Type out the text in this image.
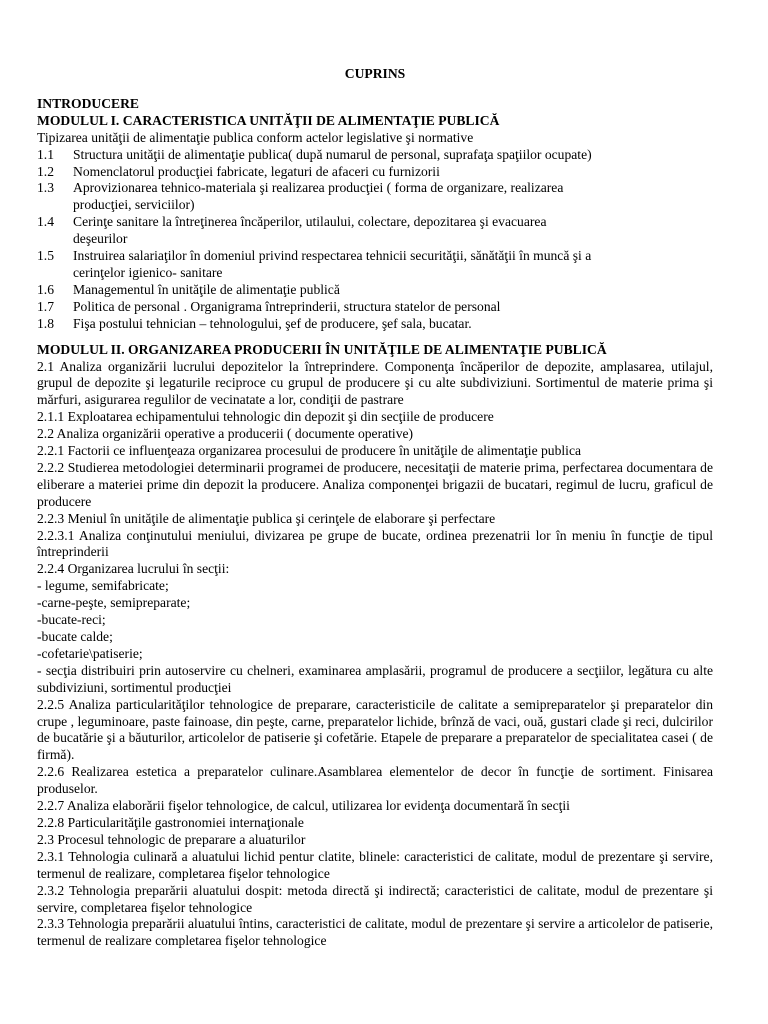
CUPRINS
INTRODUCERE
MODULUL I. CARACTERISTICA UNITĂŢII DE ALIMENTAŢIE PUBLICĂ
Tipizarea unităţii de alimentaţie publica conform actelor legislative şi normative
1.1 Structura unităţii de alimentaţie publica( după numarul de personal, suprafaţa spaţiilor ocupate)
1.2 Nomenclatorul producţiei fabricate, legaturi de afaceri cu furnizorii
1.3 Aprovizionarea tehnico-materiala şi realizarea producţiei ( forma de organizare, realizarea
producţiei, serviciilor)
1.4 Cerinţe sanitare la întreţinerea încăperilor, utilaului, colectare, depozitarea şi evacuarea
deşeurilor
1.5 Instruirea salariaţilor în domeniul privind respectarea tehnicii securităţii, sănătăţii în muncă şi a
cerinţelor igienico- sanitare
1.6 Managementul în unităţile de alimentaţie publică
1.7 Politica de personal . Organigrama întreprinderii, structura statelor de personal
1.8 Fişa postului tehnician – tehnologului, şef de producere, şef sala, bucatar.
MODULUL II. ORGANIZAREA PRODUCERII ÎN UNITĂŢILE DE ALIMENTAŢIE PUBLICĂ
2.1 Analiza organizării lucrului depozitelor la întreprindere. Componenţa încăperilor de depozite, amplasarea, utilajul, grupul de depozite şi legaturile reciproce cu grupul de producere şi cu alte subdiviziuni. Sortimentul de materie prima şi mărfuri, asigurarea regulilor de vecinatate a lor, condiţii de pastrare
2.1.1 Exploatarea echipamentului tehnologic din depozit şi din secţiile de producere
2.2 Analiza organizării operative a producerii ( documente operative)
2.2.1 Factorii ce influenţeaza organizarea procesului de producere în unităţile de alimentaţie publica
2.2.2 Studierea metodologiei determinarii programei de producere, necesitaţii de materie prima, perfectarea documentara de eliberare a materiei prime din depozit la producere. Analiza componenţei brigazii de bucatari, regimul de lucru, graficul de producere
2.2.3 Meniul în unităţile de alimentaţie publica şi cerinţele de elaborare şi perfectare
2.2.3.1 Analiza conţinutului meniului, divizarea pe grupe de bucate, ordinea prezenatrii lor în meniu în funcţie de tipul întreprinderii
2.2.4 Organizarea lucrului în secţii:
- legume, semifabricate;
-carne-peşte, semipreparate;
-bucate-reci;
-bucate calde;
-cofetarie\patiserie;
- secţia distribuiri prin autoservire cu chelneri, examinarea amplasării, programul de producere a secţiilor, legătura cu alte subdiviziuni, sortimentul producţiei
2.2.5 Analiza particularităţilor tehnologice de preparare, caracteristicile de calitate a semipreparatelor şi preparatelor din crupe , leguminoare, paste fainoase, din peşte, carne, preparatelor lichide, brînză de vaci, ouă, gustari clade şi reci, dulcirilor de bucatărie şi a băuturilor, articolelor de patiserie şi cofetărie. Etapele de preparare a preparatelor de specialitatea casei ( de firmă).
2.2.6 Realizarea estetica a preparatelor culinare.Asamblarea elementelor de decor în funcţie de sortiment. Finisarea produselor.
2.2.7 Analiza elaborării fişelor tehnologice, de calcul, utilizarea lor evidenţa documentară în secţii
2.2.8 Particularităţile gastronomiei internaţionale
2.3 Procesul tehnologic de preparare a aluaturilor
2.3.1 Tehnologia culinară a aluatului lichid pentur clatite, blinele: caracteristici de calitate, modul de prezentare şi servire, termenul de realizare, completarea fişelor tehnologice
2.3.2 Tehnologia preparării aluatului dospit: metoda directă şi indirectă; caracteristici de calitate, modul de prezentare şi servire, completarea fişelor tehnologice
2.3.3 Tehnologia preparării aluatului întins, caracteristici de calitate, modul de prezentare şi servire a articolelor de patiserie, termenul de realizare completarea fişelor tehnologice
